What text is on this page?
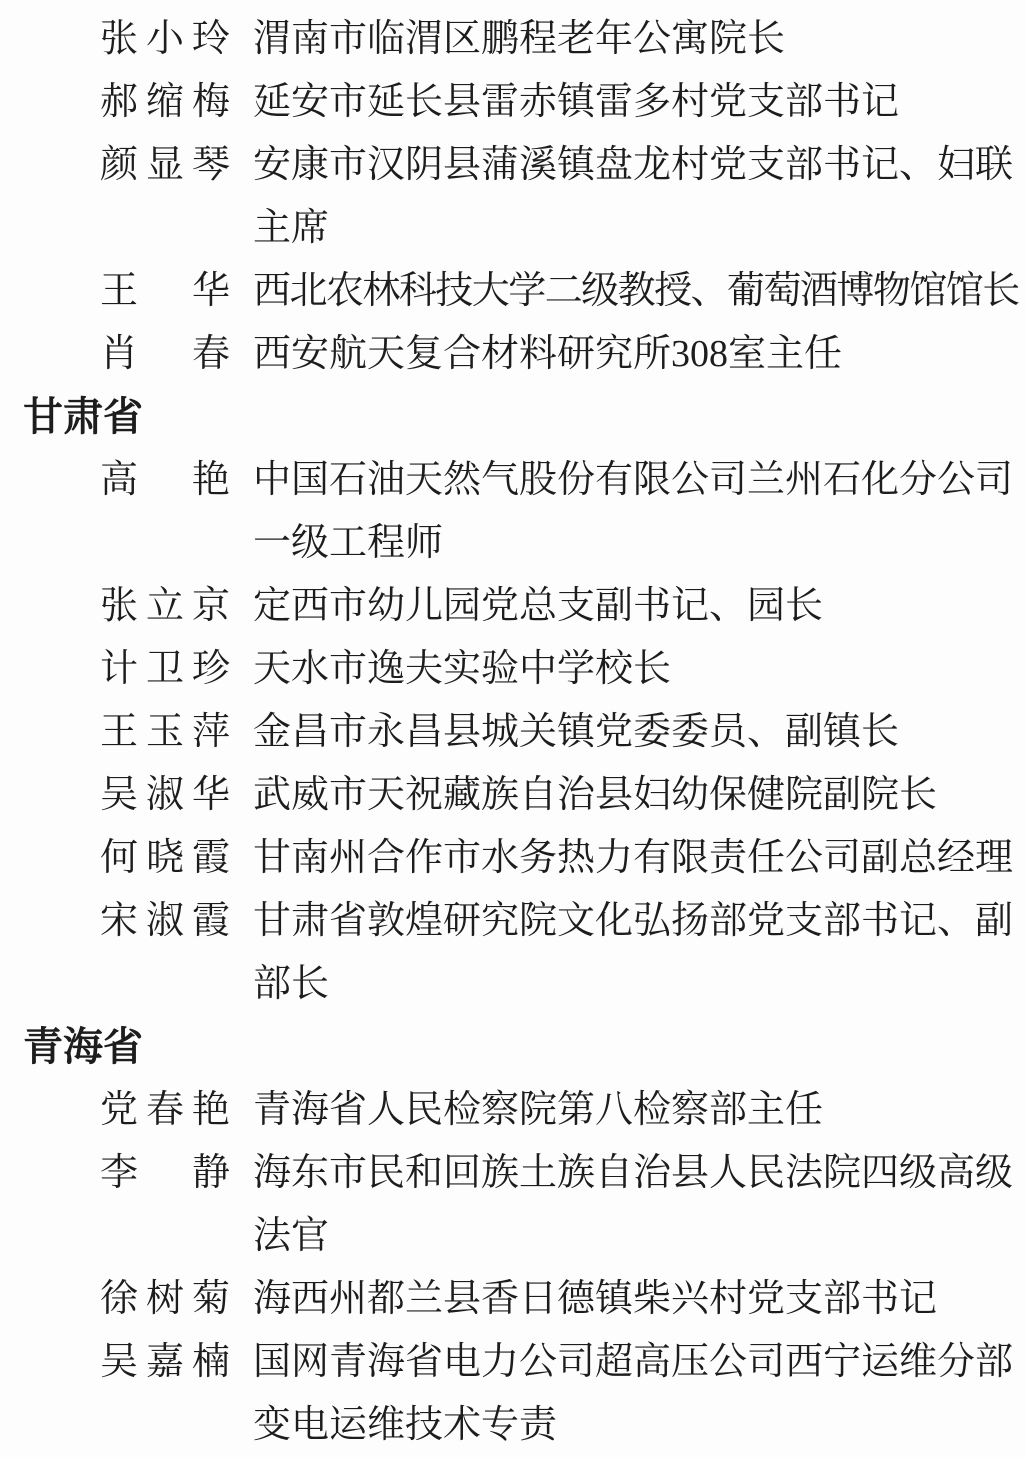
张 小 玲 渭南市临渭区鹏程老年公寓院长
郝 缩 梅 延安市延长县雷赤镇雷多村党支部书记
颜 显 琴 安康市汉阴县蒲溪镇盘龙村党支部书记、妇联
主席
王 华 西北农林科技大学二级教授、葡萄酒博物馆馆长
肖 春 西安航天复合材料研究所308室主任
甘肃省
高 艳 中国石油天然气股份有限公司兰州石化分公司
一级工程师
张 立 京 定西市幼儿园党总支副书记、园长
计 卫 珍 天水市逸夫实验中学校长
王 玉 萍 金昌市永昌县城关镇党委委员、副镇长
吴 淑 华 武威市天祝藏族自治县妇幼保健院副院长
何 晓 霞 甘南州合作市水务热力有限责任公司副总经理
宋 淑 霞 甘肃省敦煌研究院文化弘扬部党支部书记、副
部长
青海省
党 春 艳 青海省人民检察院第八检察部主任
李 静 海东市民和回族土族自治县人民法院四级高级
法官
徐 树 菊 海西州都兰县香日德镇柴兴村党支部书记
吴 嘉 楠 国网青海省电力公司超高压公司西宁运维分部
变电运维技术专责
